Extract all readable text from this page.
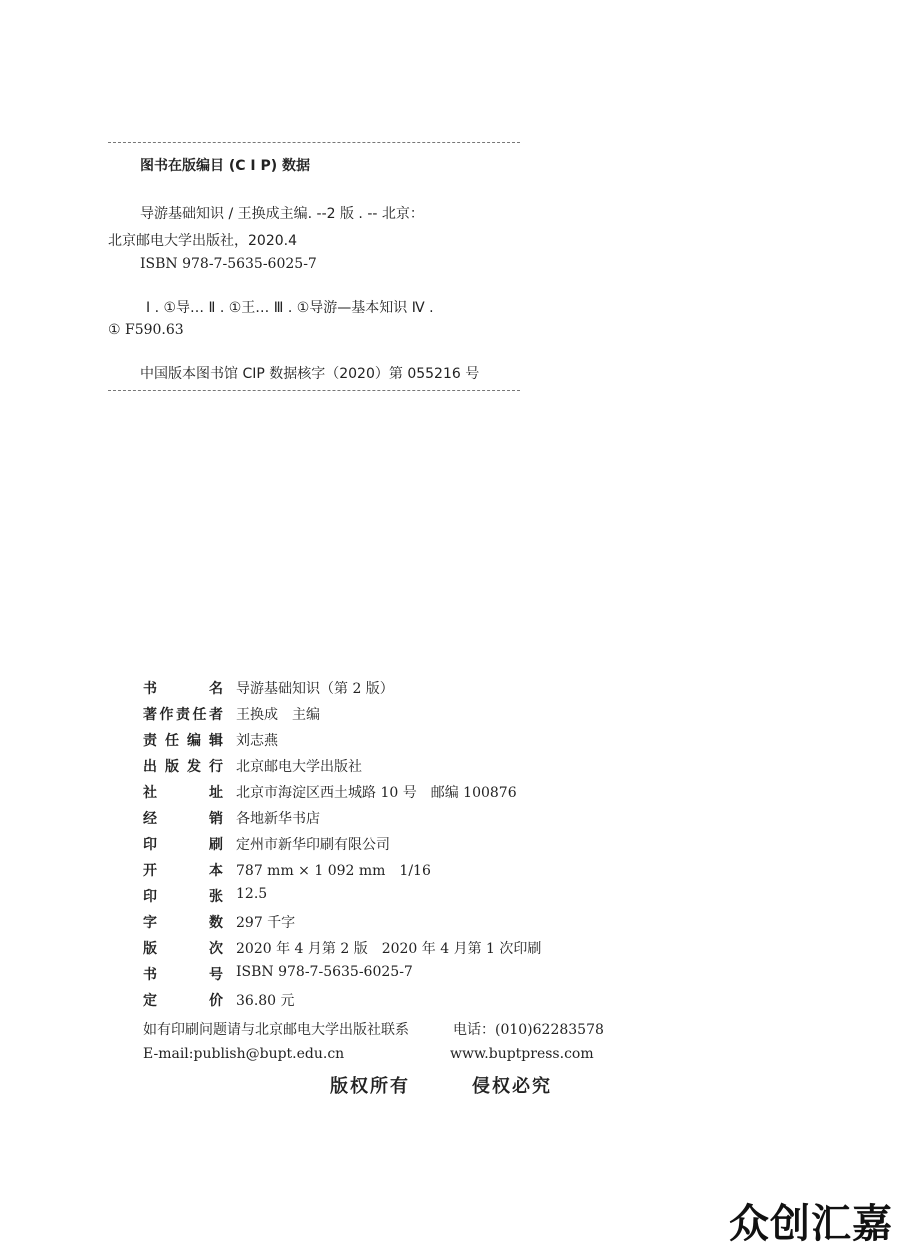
图书在版编目 (C I P) 数据
导游基础知识 / 王换成主编. --2 版 . -- 北京：
北京邮电大学出版社，2020.4
ISBN 978-7-5635-6025-7
Ⅰ . ①导… Ⅱ . ①王… Ⅲ . ①导游—基本知识 Ⅳ .
① F590.63
中国版本图书馆 CIP 数据核字（2020）第 055216 号
书	名 导游基础知识（第 2 版）
著 作 责 任 者 王换成　主编
责 任 编 辑 刘志燕
出 版 发 行 北京邮电大学出版社
社	址 北京市海淀区西土城路 10 号　邮编 100876
经	销 各地新华书店
印	刷 定州市新华印刷有限公司
开	本 787 mm × 1 092 mm　1/16
印	张 12.5
字	数 297 千字
版	次 2020 年 4 月第 2 版　2020 年 4 月第 1 次印刷
书	号 ISBN 978-7-5635-6025-7
定	价 36.80 元
如有印刷问题请与北京邮电大学出版社联系	电话：(010)62283578
E-mail:publish@bupt.edu.cn	www.buptpress.com
版权所有	侵权必究
众创汇嘉
